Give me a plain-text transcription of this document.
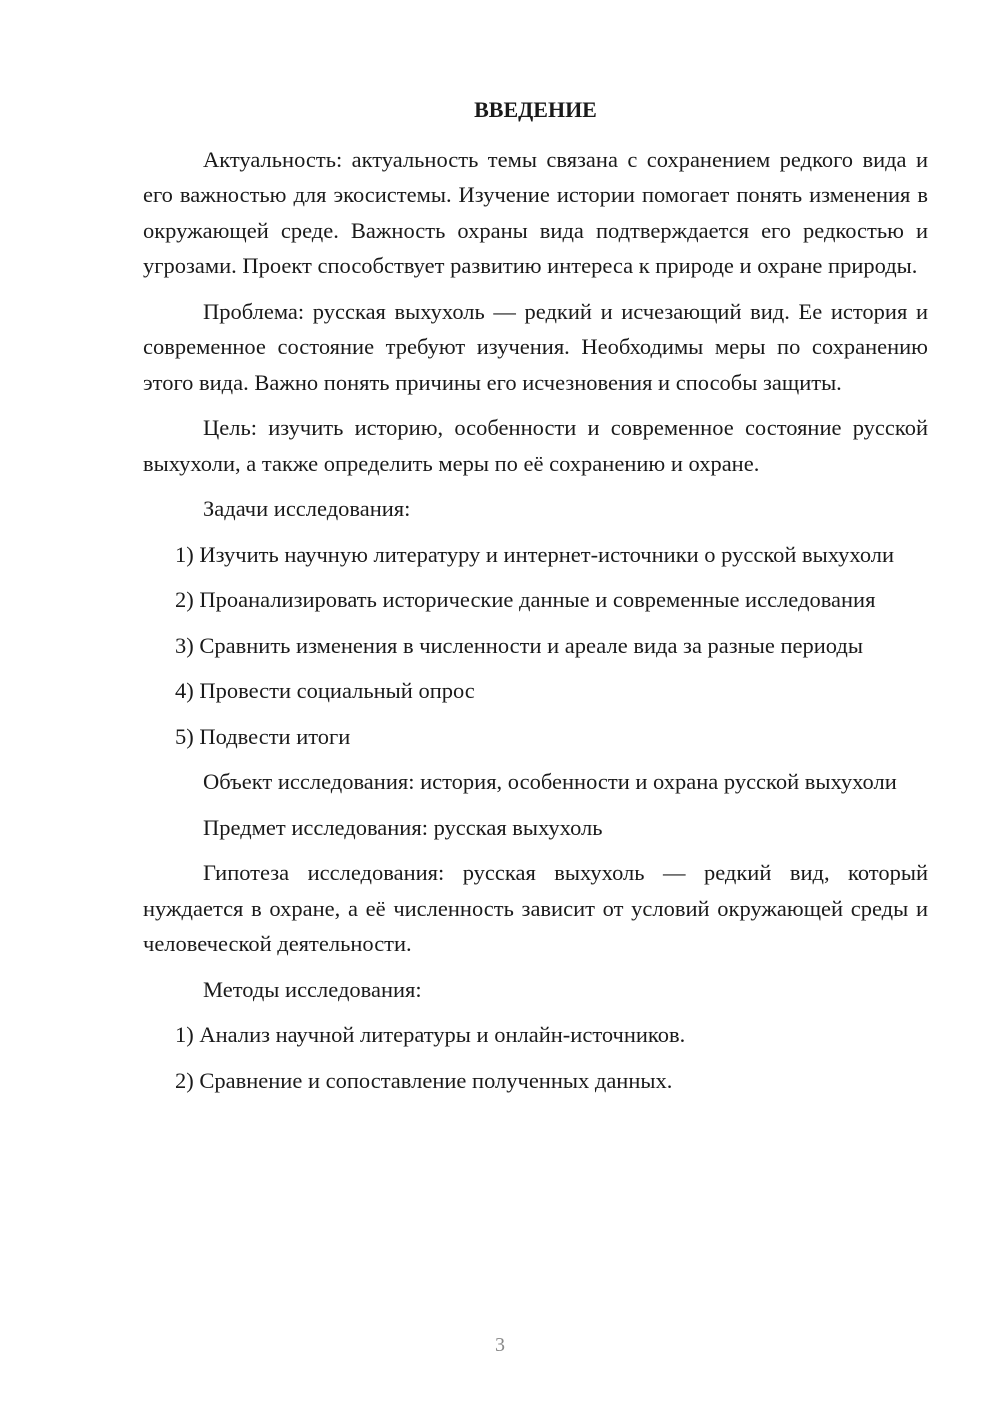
ВВЕДЕНИЕ

Актуальность: актуальность темы связана с сохранением редкого вида и его важностью для экосистемы. Изучение истории помогает понять изменения в окружающей среде. Важность охраны вида подтверждается его редкостью и угрозами. Проект способствует развитию интереса к природе и охране природы.

Проблема: русская выхухоль — редкий и исчезающий вид. Ее история и современное состояние требуют изучения. Необходимы меры по сохранению этого вида. Важно понять причины его исчезновения и способы защиты.

Цель: изучить историю, особенности и современное состояние русской выхухоли, а также определить меры по её сохранению и охране.

Задачи исследования:

1) Изучить научную литературу и интернет-источники о русской выхухоли

2) Проанализировать исторические данные и современные исследования

3) Сравнить изменения в численности и ареале вида за разные периоды

4) Провести социальный опрос

5) Подвести итоги

Объект исследования: история, особенности и охрана русской выхухоли

Предмет исследования: русская выхухоль

Гипотеза исследования: русская выхухоль — редкий вид, который нуждается в охране, а её численность зависит от условий окружающей среды и человеческой деятельности.

Методы исследования:

1) Анализ научной литературы и онлайн-источников.

2) Сравнение и сопоставление полученных данных.

3
